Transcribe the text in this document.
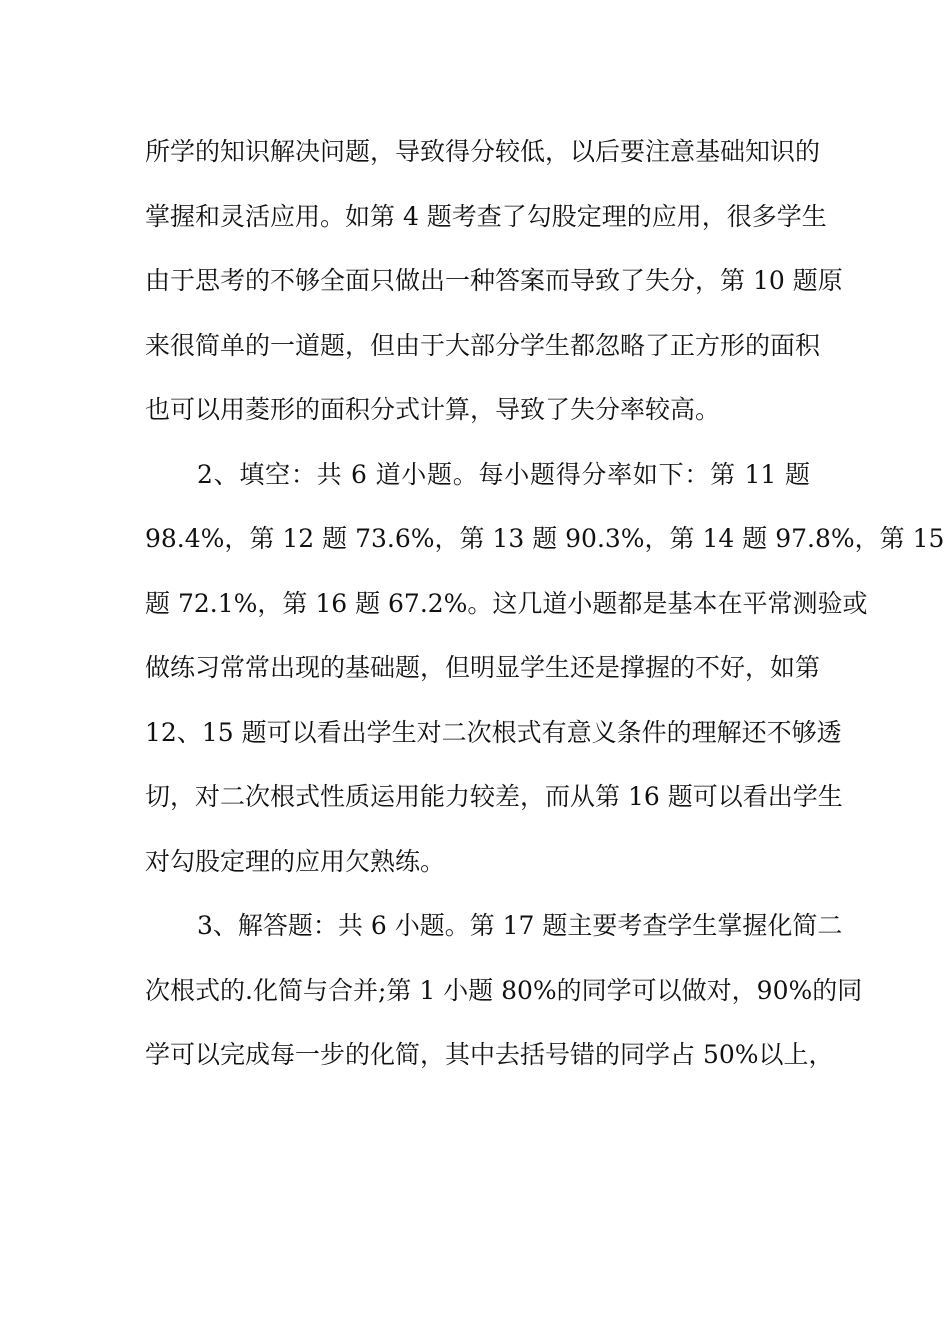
所学的知识解决问题，导致得分较低，以后要注意基础知识的
掌握和灵活应用。如第 4 题考查了勾股定理的应用，很多学生
由于思考的不够全面只做出一种答案而导致了失分，第 10 题原
来很简单的一道题，但由于大部分学生都忽略了正方形的面积
也可以用菱形的面积分式计算，导致了失分率较高。
2、填空：共 6 道小题。每小题得分率如下：第 11 题
98.4%，第 12 题 73.6%，第 13 题 90.3%，第 14 题 97.8%，第 15
题 72.1%，第 16 题 67.2%。这几道小题都是基本在平常测验或
做练习常常出现的基础题，但明显学生还是撑握的不好，如第
12、15 题可以看出学生对二次根式有意义条件的理解还不够透
切，对二次根式性质运用能力较差，而从第 16 题可以看出学生
对勾股定理的应用欠熟练。
3、解答题：共 6 小题。第 17 题主要考查学生掌握化简二
次根式的.化简与合并;第 1 小题 80%的同学可以做对，90%的同
学可以完成每一步的化简，其中去括号错的同学占 50%以上，
